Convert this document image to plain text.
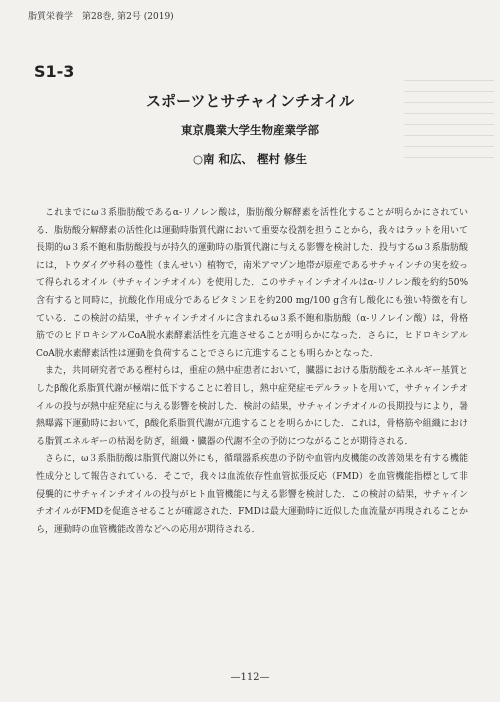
脂質栄養学　第28巻, 第2号 (2019)
S1-3
スポーツとサチャインチオイル
東京農業大学生物産業学部
○南 和広、 樫村 修生

これまでにω３系脂肪酸であるα-リノレン酸は，脂肪酸分解酵素を活性化することが明らかにされている．脂肪酸分解酵素の活性化は運動時脂質代謝において重要な役割を担うことから，我々はラットを用いて長期的ω３系不飽和脂肪酸投与が持久的運動時の脂質代謝に与える影響を検討した．投与するω３系脂肪酸には，トウダイグサ科の蔓性（まんせい）植物で，南米アマゾン地帯が原産であるサチャインチの実を絞って得られるオイル（サチャインチオイル）を使用した．このサチャインチオイルはα-リノレン酸を約約50%含有すると同時に，抗酸化作用成分であるビタミンＥを約200 mg/100 g含有し酸化にも強い特徴を有している．この検討の結果，サチャインチオイルに含まれるω３系不飽和脂肪酸（α-リノレイン酸）は，骨格筋でのヒドロキシアルCoA脱水素酵素活性を亢進させることが明らかになった．さらに，ヒドロキシアルCoA脱水素酵素活性は運動を負荷することでさらに亢進することも明らかとなった．

また，共同研究者である樫村らは，重症の熱中症患者において，臓器における脂肪酸をエネルギー基質としたβ酸化系脂質代謝が極端に低下することに着目し，熱中症発症モデルラットを用いて，サチャインチオイルの投与が熱中症発症に与える影響を検討した．検討の結果，サチャインチオイルの長期投与により，暑熱曝露下運動時において，β酸化系脂質代謝が亢進することを明らかにした．これは，骨格筋や組織における脂質エネルギーの枯渇を防ぎ，組織・臓器の代謝不全の予防につながることが期待される．

さらに，ω３系脂肪酸は脂質代謝以外にも，循環器系疾患の予防や血管内皮機能の改善効果を有する機能性成分として報告されている．そこで，我々は血流依存性血管拡張反応（FMD）を血管機能指標として非侵襲的にサチャインチオイルの投与がヒト血管機能に与える影響を検討した．この検討の結果，サチャインチオイルがFMDを促進させることが確認された．FMDは最大運動時に近似した血流量が再現されることから，運動時の血管機能改善などへの応用が期待される．

—112—
